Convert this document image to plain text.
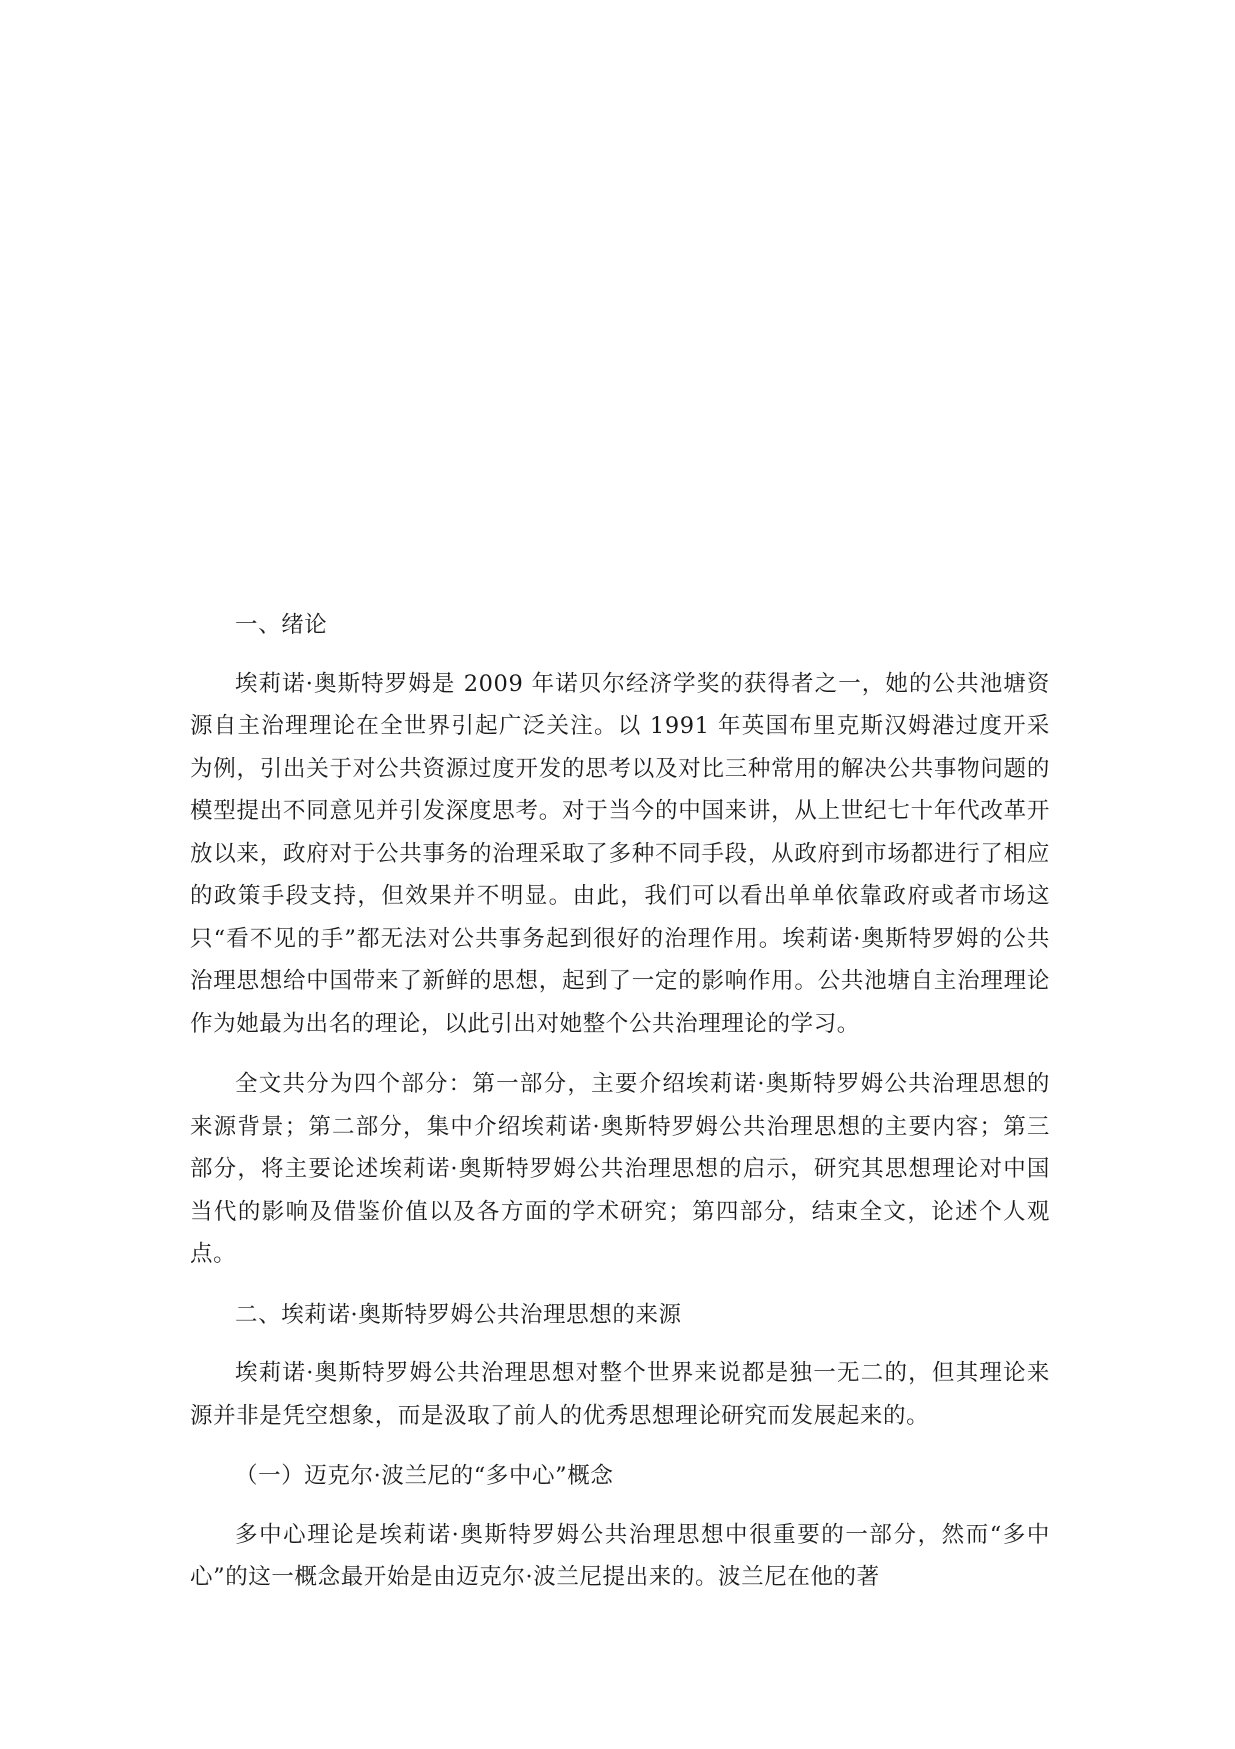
一、绪论

埃莉诺·奥斯特罗姆是 2009 年诺贝尔经济学奖的获得者之一，她的公共池塘资源自主治理理论在全世界引起广泛关注。以 1991 年英国布里克斯汉姆港过度开采为例，引出关于对公共资源过度开发的思考以及对比三种常用的解决公共事物问题的模型提出不同意见并引发深度思考。对于当今的中国来讲，从上世纪七十年代改革开放以来，政府对于公共事务的治理采取了多种不同手段，从政府到市场都进行了相应的政策手段支持，但效果并不明显。由此，我们可以看出单单依靠政府或者市场这只“看不见的手”都无法对公共事务起到很好的治理作用。埃莉诺·奥斯特罗姆的公共治理思想给中国带来了新鲜的思想，起到了一定的影响作用。公共池塘自主治理理论作为她最为出名的理论，以此引出对她整个公共治理理论的学习。

全文共分为四个部分：第一部分，主要介绍埃莉诺·奥斯特罗姆公共治理思想的来源背景；第二部分，集中介绍埃莉诺·奥斯特罗姆公共治理思想的主要内容；第三部分，将主要论述埃莉诺·奥斯特罗姆公共治理思想的启示，研究其思想理论对中国当代的影响及借鉴价值以及各方面的学术研究；第四部分，结束全文，论述个人观点。

二、埃莉诺·奥斯特罗姆公共治理思想的来源

埃莉诺·奥斯特罗姆公共治理思想对整个世界来说都是独一无二的，但其理论来源并非是凭空想象，而是汲取了前人的优秀思想理论研究而发展起来的。

（一）迈克尔·波兰尼的“多中心”概念

多中心理论是埃莉诺·奥斯特罗姆公共治理思想中很重要的一部分，然而“多中心”的这一概念最开始是由迈克尔·波兰尼提出来的。波兰尼在他的著
